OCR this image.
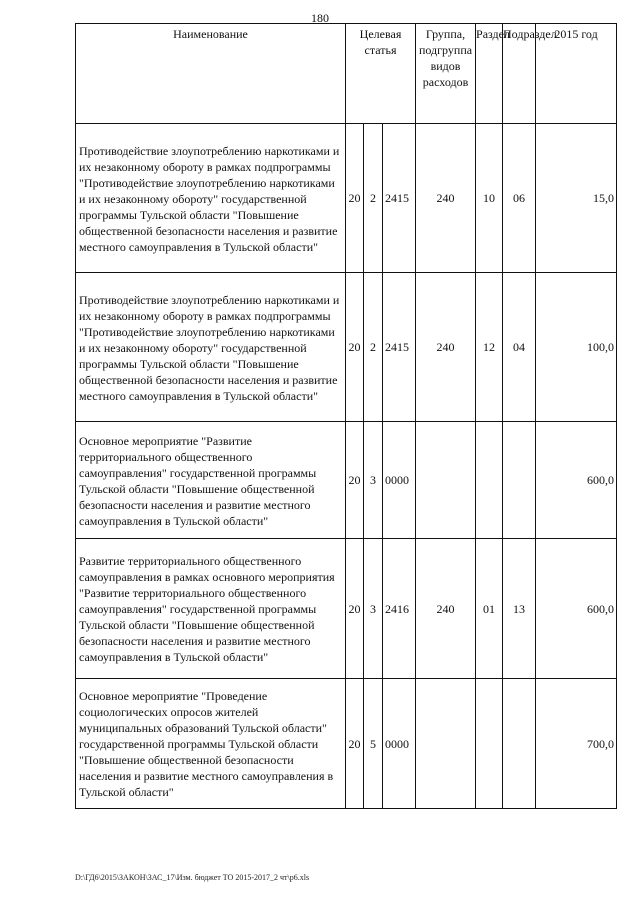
180
Наименование	Целевая статья			Группа, подгруппа видов расходов	Раздел	Подраздел	2015 год
Противодействие злоупотреблению наркотиками и их незаконному обороту в рамках подпрограммы "Противодействие злоупотреблению наркотиками и их незаконному обороту" государственной программы Тульской области "Повышение общественной безопасности населения и развитие местного самоуправления в Тульской области"	20	2	2415	240	10	06	15,0
Противодействие злоупотреблению наркотиками и их незаконному обороту в рамках подпрограммы "Противодействие злоупотреблению наркотиками и их незаконному обороту" государственной программы Тульской области "Повышение общественной безопасности населения и развитие местного самоуправления в Тульской области"	20	2	2415	240	12	04	100,0
Основное мероприятие "Развитие территориального общественного самоуправления" государственной программы Тульской области "Повышение общественной безопасности населения и развитие местного самоуправления в Тульской области"	20	3	0000				600,0
Развитие территориального общественного самоуправления в рамках основного мероприятия "Развитие территориального общественного самоуправления" государственной программы Тульской области "Повышение общественной безопасности населения и развитие местного самоуправления в Тульской области"	20	3	2416	240	01	13	600,0
Основное мероприятие "Проведение социологических опросов жителей муниципальных образований Тульской области" государственной программы Тульской области "Повышение общественной безопасности населения и развитие местного самоуправления в Тульской области"	20	5	0000				700,0
D:\ГД6\2015\ЗАКОН\ЗАС_17\Изм. бюджет ТО 2015-2017_2 чт\р6.xls
